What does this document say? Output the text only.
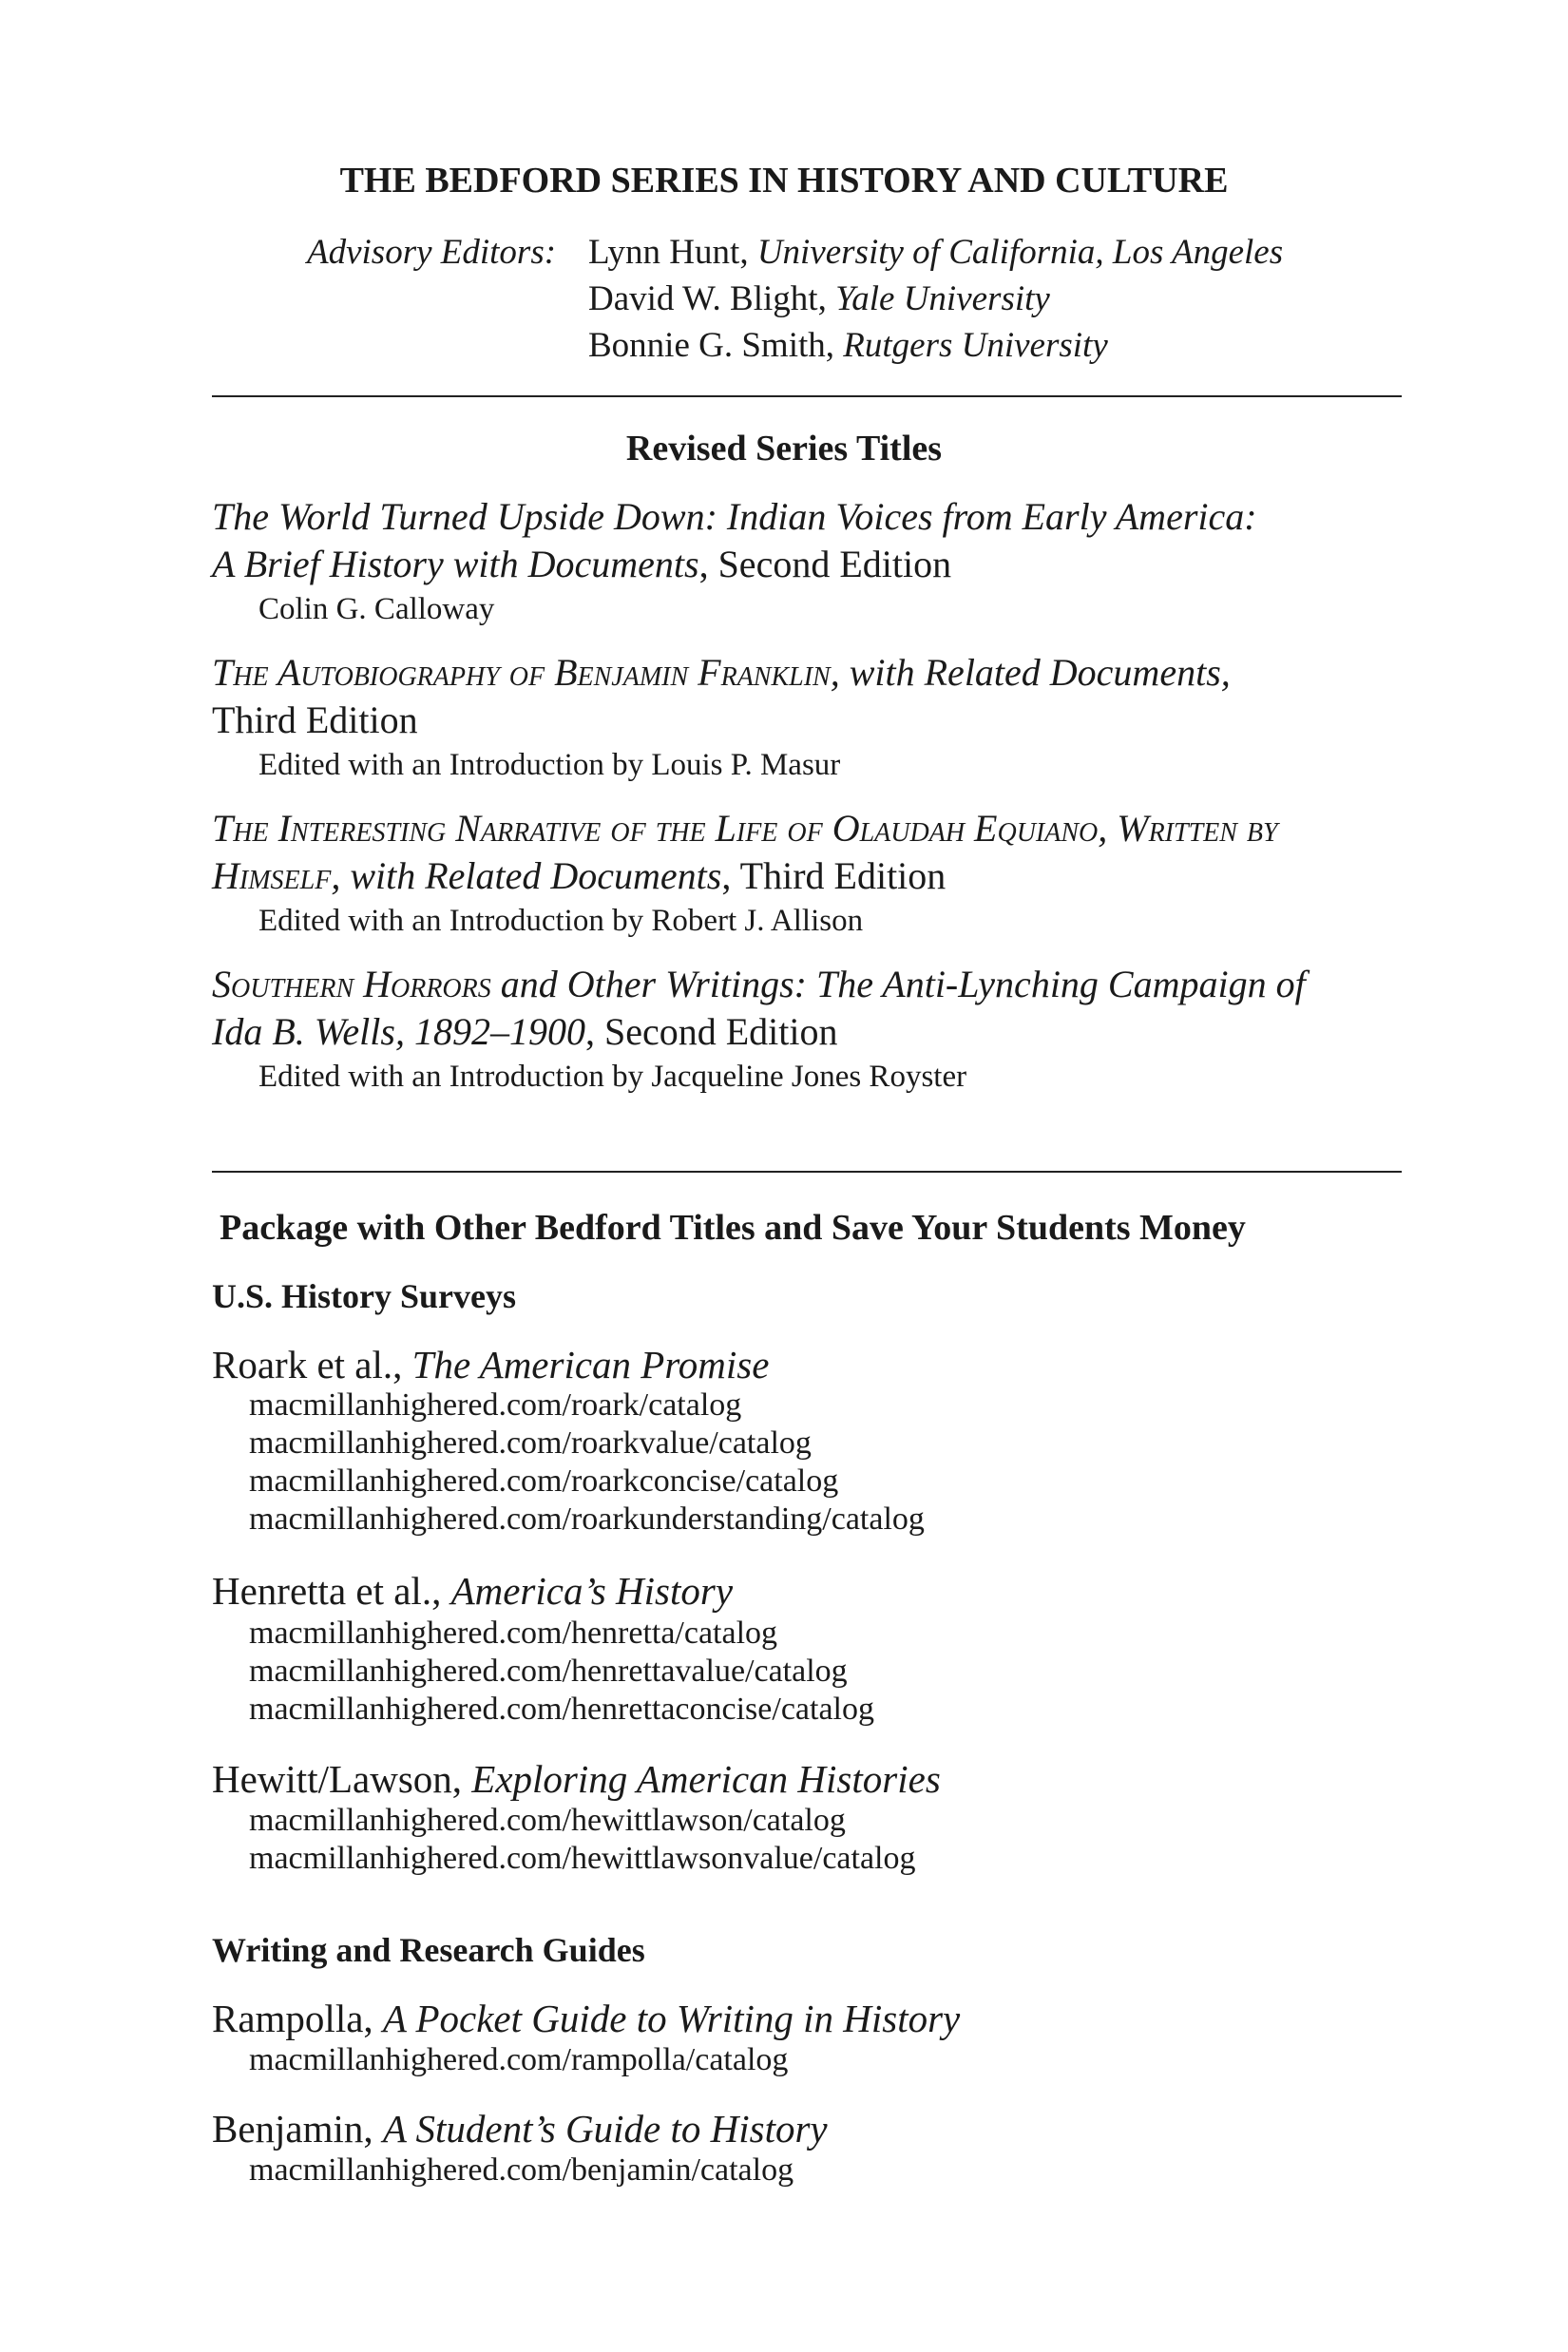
THE BEDFORD SERIES IN HISTORY AND CULTURE
Advisory Editors: Lynn Hunt, University of California, Los Angeles
David W. Blight, Yale University
Bonnie G. Smith, Rutgers University
Revised Series Titles
The World Turned Upside Down: Indian Voices from Early America:
A Brief History with Documents, Second Edition
Colin G. Calloway
The Autobiography of Benjamin Franklin, with Related Documents,
Third Edition
Edited with an Introduction by Louis P. Masur
The Interesting Narrative of the Life of Olaudah Equiano, Written by
Himself, with Related Documents, Third Edition
Edited with an Introduction by Robert J. Allison
Southern Horrors and Other Writings: The Anti-Lynching Campaign of
Ida B. Wells, 1892–1900, Second Edition
Edited with an Introduction by Jacqueline Jones Royster
Package with Other Bedford Titles and Save Your Students Money
U.S. History Surveys
Roark et al., The American Promise
macmillanhighered.com/roark/catalog
macmillanhighered.com/roarkvalue/catalog
macmillanhighered.com/roarkconcise/catalog
macmillanhighered.com/roarkunderstanding/catalog
Henretta et al., America’s History
macmillanhighered.com/henretta/catalog
macmillanhighered.com/henrettavalue/catalog
macmillanhighered.com/henrettaconcise/catalog
Hewitt/Lawson, Exploring American Histories
macmillanhighered.com/hewittlawson/catalog
macmillanhighered.com/hewittlawsonvalue/catalog
Writing and Research Guides
Rampolla, A Pocket Guide to Writing in History
macmillanhighered.com/rampolla/catalog
Benjamin, A Student’s Guide to History
macmillanhighered.com/benjamin/catalog
